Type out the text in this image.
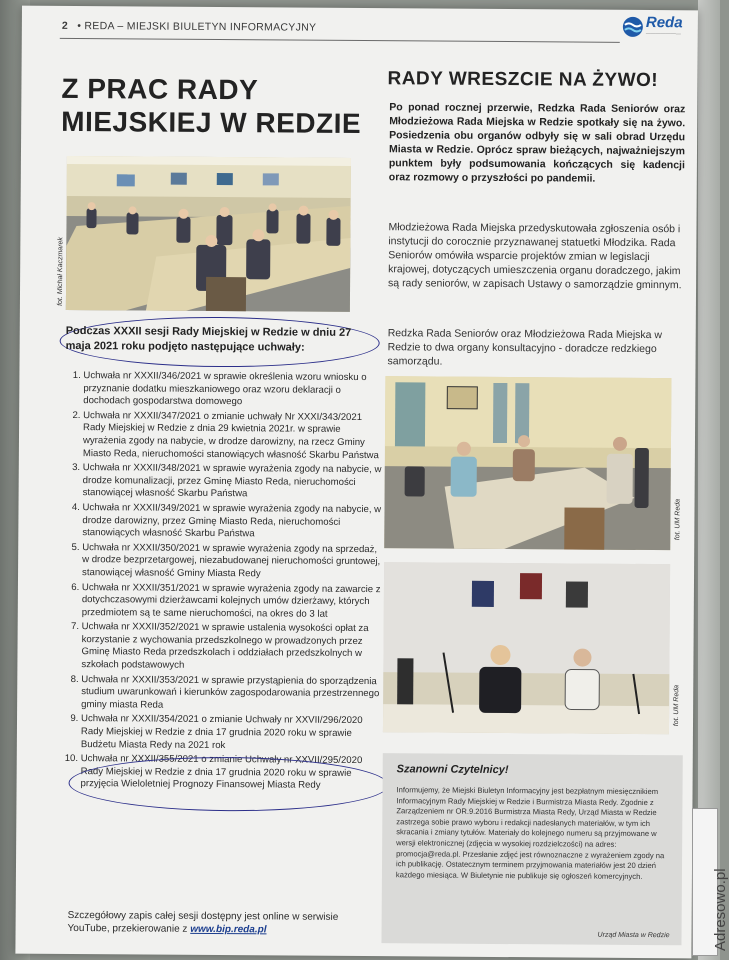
2 • REDA – MIEJSKI BIULETYN INFORMACYJNY	Reda
———————
Z PRAC RADY MIEJSKIEJ W REDZIE
fot. Michał Kaczmarek
Podczas XXXII sesji Rady Miejskiej w Redzie w dniu 27 maja 2021 roku podjęto następujące uchwały:
1. Uchwała nr XXXII/346/2021 w sprawie określenia wzoru wniosku o przyznanie dodatku mieszkaniowego oraz wzoru deklaracji o dochodach gospodarstwa domowego
2. Uchwała nr XXXII/347/2021 o zmianie uchwały Nr XXXI/343/2021 Rady Miejskiej w Redzie z dnia 29 kwietnia 2021r. w sprawie wyrażenia zgody na nabycie, w drodze darowizny, na rzecz Gminy Miasto Reda, nieruchomości stanowiących własność Skarbu Państwa
3. Uchwała nr XXXII/348/2021 w sprawie wyrażenia zgody na nabycie, w drodze komunalizacji, przez Gminę Miasto Reda, nieruchomości stanowiącej własność Skarbu Państwa
4. Uchwała nr XXXII/349/2021 w sprawie wyrażenia zgody na nabycie, w drodze darowizny, przez Gminę Miasto Reda, nieruchomości stanowiących własność Skarbu Państwa
5. Uchwała nr XXXII/350/2021 w sprawie wyrażenia zgody na sprzedaż, w drodze bezprzetargowej, niezabudowanej nieruchomości gruntowej, stanowiącej własność Gminy Miasta Redy
6. Uchwała nr XXXII/351/2021 w sprawie wyrażenia zgody na zawarcie z dotychczasowymi dzierżawcami kolejnych umów dzierżawy, których przedmiotem są te same nieruchomości, na okres do 3 lat
7. Uchwała nr XXXII/352/2021 w sprawie ustalenia wysokości opłat za korzystanie z wychowania przedszkolnego w prowadzonych przez Gminę Miasto Reda przedszkolach i oddziałach przedszkolnych w szkołach podstawowych
8. Uchwała nr XXXII/353/2021 w sprawie przystąpienia do sporządzenia studium uwarunkowań i kierunków zagospodarowania przestrzennego gminy miasta Reda
9. Uchwała nr XXXII/354/2021 o zmianie Uchwały nr XXVII/296/2020 Rady Miejskiej w Redzie z dnia 17 grudnia 2020 roku w sprawie Budżetu Miasta Redy na 2021 rok
10. Uchwała nr XXXII/355/2021 o zmianie Uchwały nr XXVII/295/2020 Rady Miejskiej w Redzie z dnia 17 grudnia 2020 roku w sprawie przyjęcia Wieloletniej Prognozy Finansowej Miasta Redy
Szczegółowy zapis całej sesji dostępny jest online w serwisie YouTube, przekierowanie z www.bip.reda.pl
RADY WRESZCIE NA ŻYWO!
Po ponad rocznej przerwie, Redzka Rada Seniorów oraz Młodzieżowa Rada Miejska w Redzie spotkały się na żywo. Posiedzenia obu organów odbyły się w sali obrad Urzędu Miasta w Redzie. Oprócz spraw bieżących, najważniejszym punktem były podsumowania kończących się kadencji oraz rozmowy o przyszłości po pandemii.
Młodzieżowa Rada Miejska przedyskutowała zgłoszenia osób i instytucji do corocznie przyznawanej statuetki Młodzika. Rada Seniorów omówiła wsparcie projektów zmian w legislacji krajowej, dotyczących umieszczenia organu doradczego, jakim są rady seniorów, w zapisach Ustawy o samorządzie gminnym.
Redzka Rada Seniorów oraz Młodzieżowa Rada Miejska w Redzie to dwa organy konsultacyjno - doradcze redzkiego samorządu.
fot. UM Reda
fot. UM Reda
Szanowni Czytelnicy!
Informujemy, że Miejski Biuletyn Informacyjny jest bezpłatnym miesięcznikiem Informacyjnym Rady Miejskiej w Redzie i Burmistrza Miasta Redy. Zgodnie z Zarządzeniem nr OR.9.2016 Burmistrza Miasta Redy, Urząd Miasta w Redzie zastrzega sobie prawo wyboru i redakcji nadesłanych materiałów, w tym ich skracania i zmiany tytułów. Materiały do kolejnego numeru są przyjmowane w wersji elektronicznej (zdjęcia w wysokiej rozdzielczości) na adres: promocja@reda.pl. Przesłanie zdjęć jest równoznaczne z wyrażeniem zgody na ich publikację. Ostatecznym terminem przyjmowania materiałów jest 20 dzień każdego miesiąca. W Biuletynie nie publikuje się ogłoszeń komercyjnych.
Urząd Miasta w Redzie	Adresowo.pl
